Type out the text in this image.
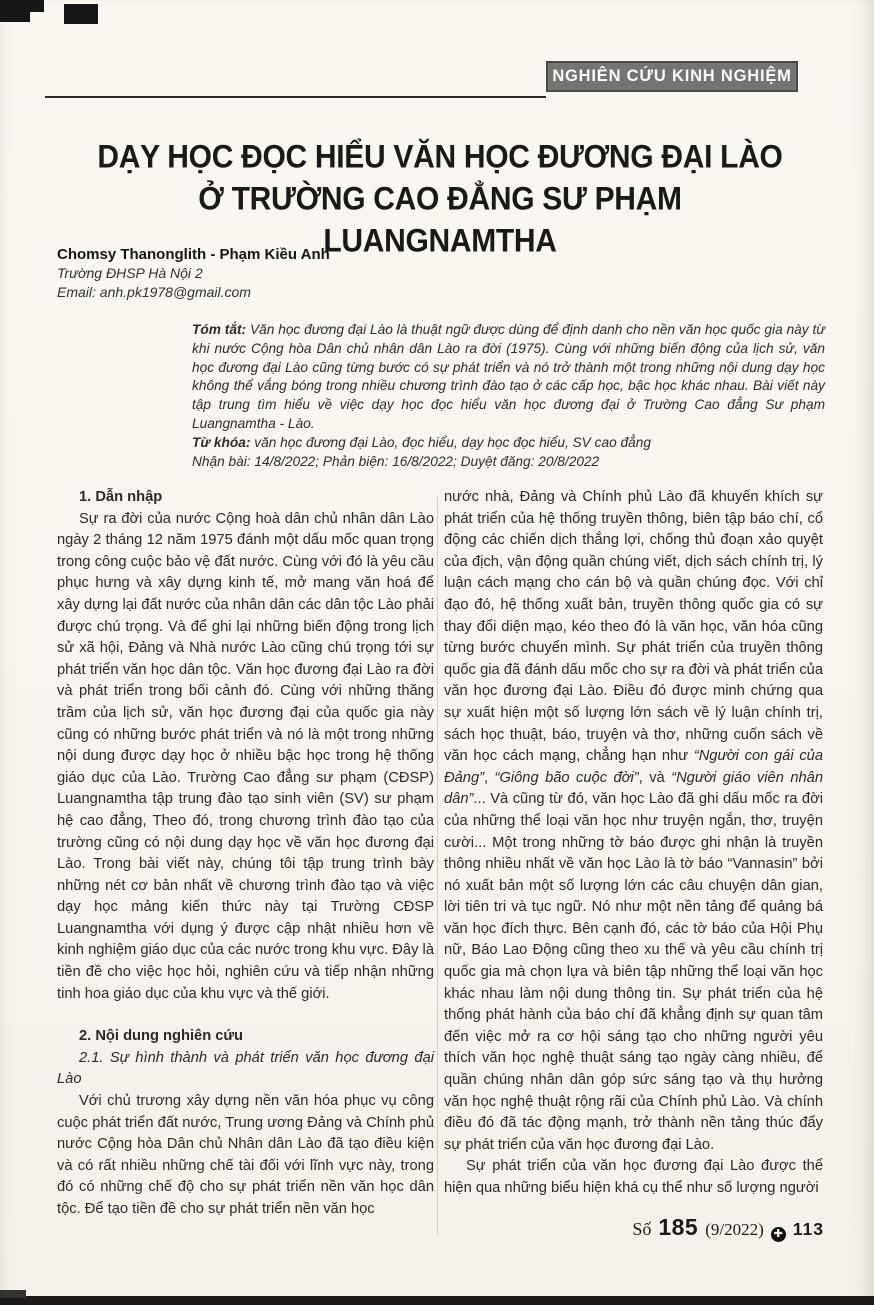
NGHIÊN CỨU KINH NGHIỆM
DẠY HỌC ĐỌC HIỂU VĂN HỌC ĐƯƠNG ĐẠI LÀO
Ở TRƯỜNG CAO ĐẲNG SƯ PHẠM LUANGNAMTHA
Chomsy Thanonglith - Phạm Kiều Anh
Trường ĐHSP Hà Nội 2
Email: anh.pk1978@gmail.com

Tóm tắt: Văn học đương đại Lào là thuật ngữ được dùng để định danh cho nền văn học quốc gia này từ khi nước Cộng hòa Dân chủ nhân dân Lào ra đời (1975). Cùng với những biến động của lịch sử, văn học đương đại Lào cũng từng bước có sự phát triển và nó trở thành một trong những nội dung dạy học không thể vắng bóng trong nhiều chương trình đào tạo ở các cấp học, bậc học khác nhau. Bài viết này tập trung tìm hiểu về việc dạy học đọc hiểu văn học đương đại ở Trường Cao đẳng Sư phạm Luangnamtha - Lào.

Từ khóa: văn học đương đại Lào, đọc hiểu, dạy học đọc hiểu, SV cao đẳng

Nhận bài: 14/8/2022; Phản biện: 16/8/2022; Duyệt đăng: 20/8/2022

1. Dẫn nhập

Sự ra đời của nước Cộng hoà dân chủ nhân dân Lào ngày 2 tháng 12 năm 1975 đánh một dấu mốc quan trọng trong công cuộc bảo vệ đất nước. Cùng với đó là yêu cầu phục hưng và xây dựng kinh tế, mở mang văn hoá để xây dựng lại đất nước của nhân dân các dân tộc Lào phải được chú trọng. Và để ghi lại những biến động trong lịch sử xã hội, Đảng và Nhà nước Lào cũng chú trọng tới sự phát triển văn học dân tộc. Văn học đương đại Lào ra đời và phát triển trong bối cảnh đó. Cùng với những thăng trầm của lịch sử, văn học đương đại của quốc gia này cũng có những bước phát triển và nó là một trong những nội dung được dạy học ở nhiều bậc học trong hệ thống giáo dục của Lào. Trường Cao đẳng sư phạm (CĐSP) Luangnamtha tập trung đào tạo sinh viên (SV) sư phạm hệ cao đẳng, Theo đó, trong chương trình đào tạo của trường cũng có nội dung dạy học về văn học đương đại Lào. Trong bài viết này, chúng tôi tập trung trình bày những nét cơ bản nhất về chương trình đào tạo và việc dạy học mảng kiến thức này tại Trường CĐSP Luangnamtha với dụng ý được cập nhật nhiều hơn về kinh nghiệm giáo dục của các nước trong khu vực. Đây là tiền đề cho việc học hỏi, nghiên cứu và tiếp nhận những tinh hoa giáo dục của khu vực và thế giới.

2. Nội dung nghiên cứu

2.1. Sự hình thành và phát triển văn học đương đại Lào

Với chủ trương xây dựng nền văn hóa phục vụ công cuộc phát triển đất nước, Trung ương Đảng và Chính phủ nước Cộng hòa Dân chủ Nhân dân Lào đã tạo điều kiện và có rất nhiều những chế tài đối với lĩnh vực này, trong đó có những chế độ cho sự phát triển nền văn học dân tộc. Để tạo tiền đề cho sự phát triển nền văn học

nước nhà, Đảng và Chính phủ Lào đã khuyến khích sự phát triển của hệ thống truyền thông, biên tập báo chí, cổ động các chiến dịch thắng lợi, chống thủ đoạn xảo quyệt của địch, vận động quần chúng viết, dịch sách chính trị, lý luận cách mạng cho cán bộ và quần chúng đọc. Với chỉ đạo đó, hệ thống xuất bản, truyền thông quốc gia có sự thay đổi diện mạo, kéo theo đó là văn học, văn hóa cũng từng bước chuyển mình. Sự phát triển của truyền thông quốc gia đã đánh dấu mốc cho sự ra đời và phát triển của văn học đương đại Lào. Điều đó được minh chứng qua sự xuất hiện một số lượng lớn sách về lý luận chính trị, sách học thuật, báo, truyện và thơ, những cuốn sách về văn học cách mạng, chẳng hạn như “Người con gái của Đảng”, “Giông bão cuộc đời”, và “Người giáo viên nhân dân”... Và cũng từ đó, văn học Lào đã ghi dấu mốc ra đời của những thể loại văn học như truyện ngắn, thơ, truyện cười... Một trong những tờ báo được ghi nhận là truyền thông nhiều nhất về văn học Lào là tờ báo “Vannasin” bởi nó xuất bản một số lượng lớn các câu chuyện dân gian, lời tiên tri và tục ngữ. Nó như một nền tảng để quảng bá văn học đích thực. Bên cạnh đó, các tờ báo của Hội Phụ nữ, Báo Lao Động cũng theo xu thế và yêu cầu chính trị quốc gia mà chọn lựa và biên tập những thể loại văn học khác nhau làm nội dung thông tin. Sự phát triển của hệ thống phát hành của báo chí đã khẳng định sự quan tâm đến việc mở ra cơ hội sáng tạo cho những người yêu thích văn học nghệ thuật sáng tạo ngày càng nhiều, để quần chúng nhân dân góp sức sáng tạo và thụ hưởng văn học nghệ thuật rộng rãi của Chính phủ Lào. Và chính điều đó đã tác động mạnh, trở thành nền tảng thúc đẩy sự phát triển của văn học đương đại Lào.

Sự phát triển của văn học đương đại Lào được thể hiện qua những biểu hiện khá cụ thể như số lượng người

Số 185 (9/2022) ✚ 113
